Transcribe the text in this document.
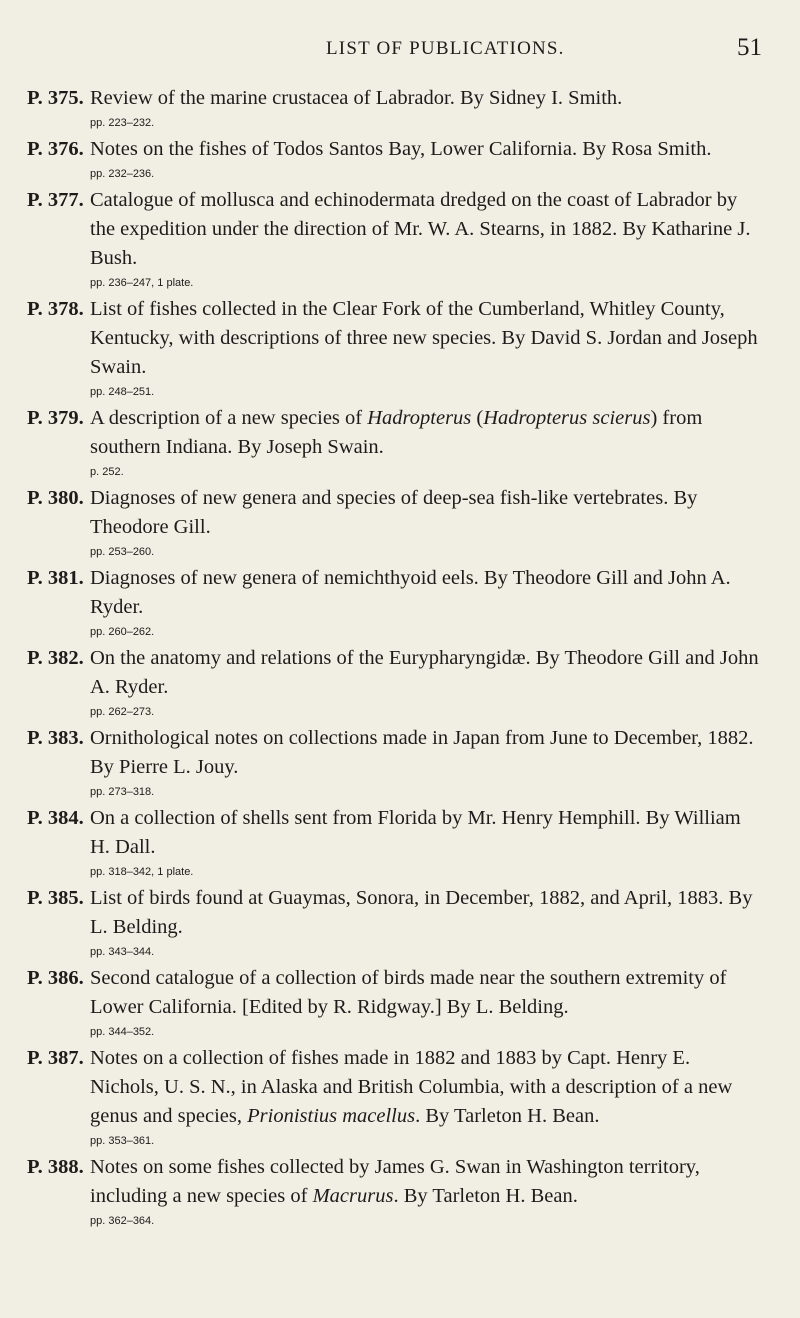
LIST OF PUBLICATIONS.	51
P. 375. Review of the marine crustacea of Labrador. By Sidney I. Smith.
pp. 223–232.
P. 376. Notes on the fishes of Todos Santos Bay, Lower California. By Rosa Smith.
pp. 232–236.
P. 377. Catalogue of mollusca and echinodermata dredged on the coast of Labrador by the expedition under the direction of Mr. W. A. Stearns, in 1882. By Katharine J. Bush.
pp. 236–247, 1 plate.
P. 378. List of fishes collected in the Clear Fork of the Cumberland, Whitley County, Kentucky, with descriptions of three new species. By David S. Jordan and Joseph Swain.
pp. 248–251.
P. 379. A description of a new species of Hadropterus (Hadropterus scierus) from southern Indiana. By Joseph Swain.
p. 252.
P. 380. Diagnoses of new genera and species of deep-sea fish-like vertebrates. By Theodore Gill.
pp. 253–260.
P. 381. Diagnoses of new genera of nemichthyoid eels. By Theodore Gill and John A. Ryder.
pp. 260–262.
P. 382. On the anatomy and relations of the Eurypharyngidæ. By Theodore Gill and John A. Ryder.
pp. 262–273.
P. 383. Ornithological notes on collections made in Japan from June to December, 1882. By Pierre L. Jouy.
pp. 273–318.
P. 384. On a collection of shells sent from Florida by Mr. Henry Hemphill. By William H. Dall.
pp. 318–342, 1 plate.
P. 385. List of birds found at Guaymas, Sonora, in December, 1882, and April, 1883. By L. Belding.
pp. 343–344.
P. 386. Second catalogue of a collection of birds made near the southern extremity of Lower California. [Edited by R. Ridgway.] By L. Belding.
pp. 344–352.
P. 387. Notes on a collection of fishes made in 1882 and 1883 by Capt. Henry E. Nichols, U. S. N., in Alaska and British Columbia, with a description of a new genus and species, Prionistius macellus. By Tarleton H. Bean.
pp. 353–361.
P. 388. Notes on some fishes collected by James G. Swan in Washington territory, including a new species of Macrurus. By Tarleton H. Bean.
pp. 362–364.
